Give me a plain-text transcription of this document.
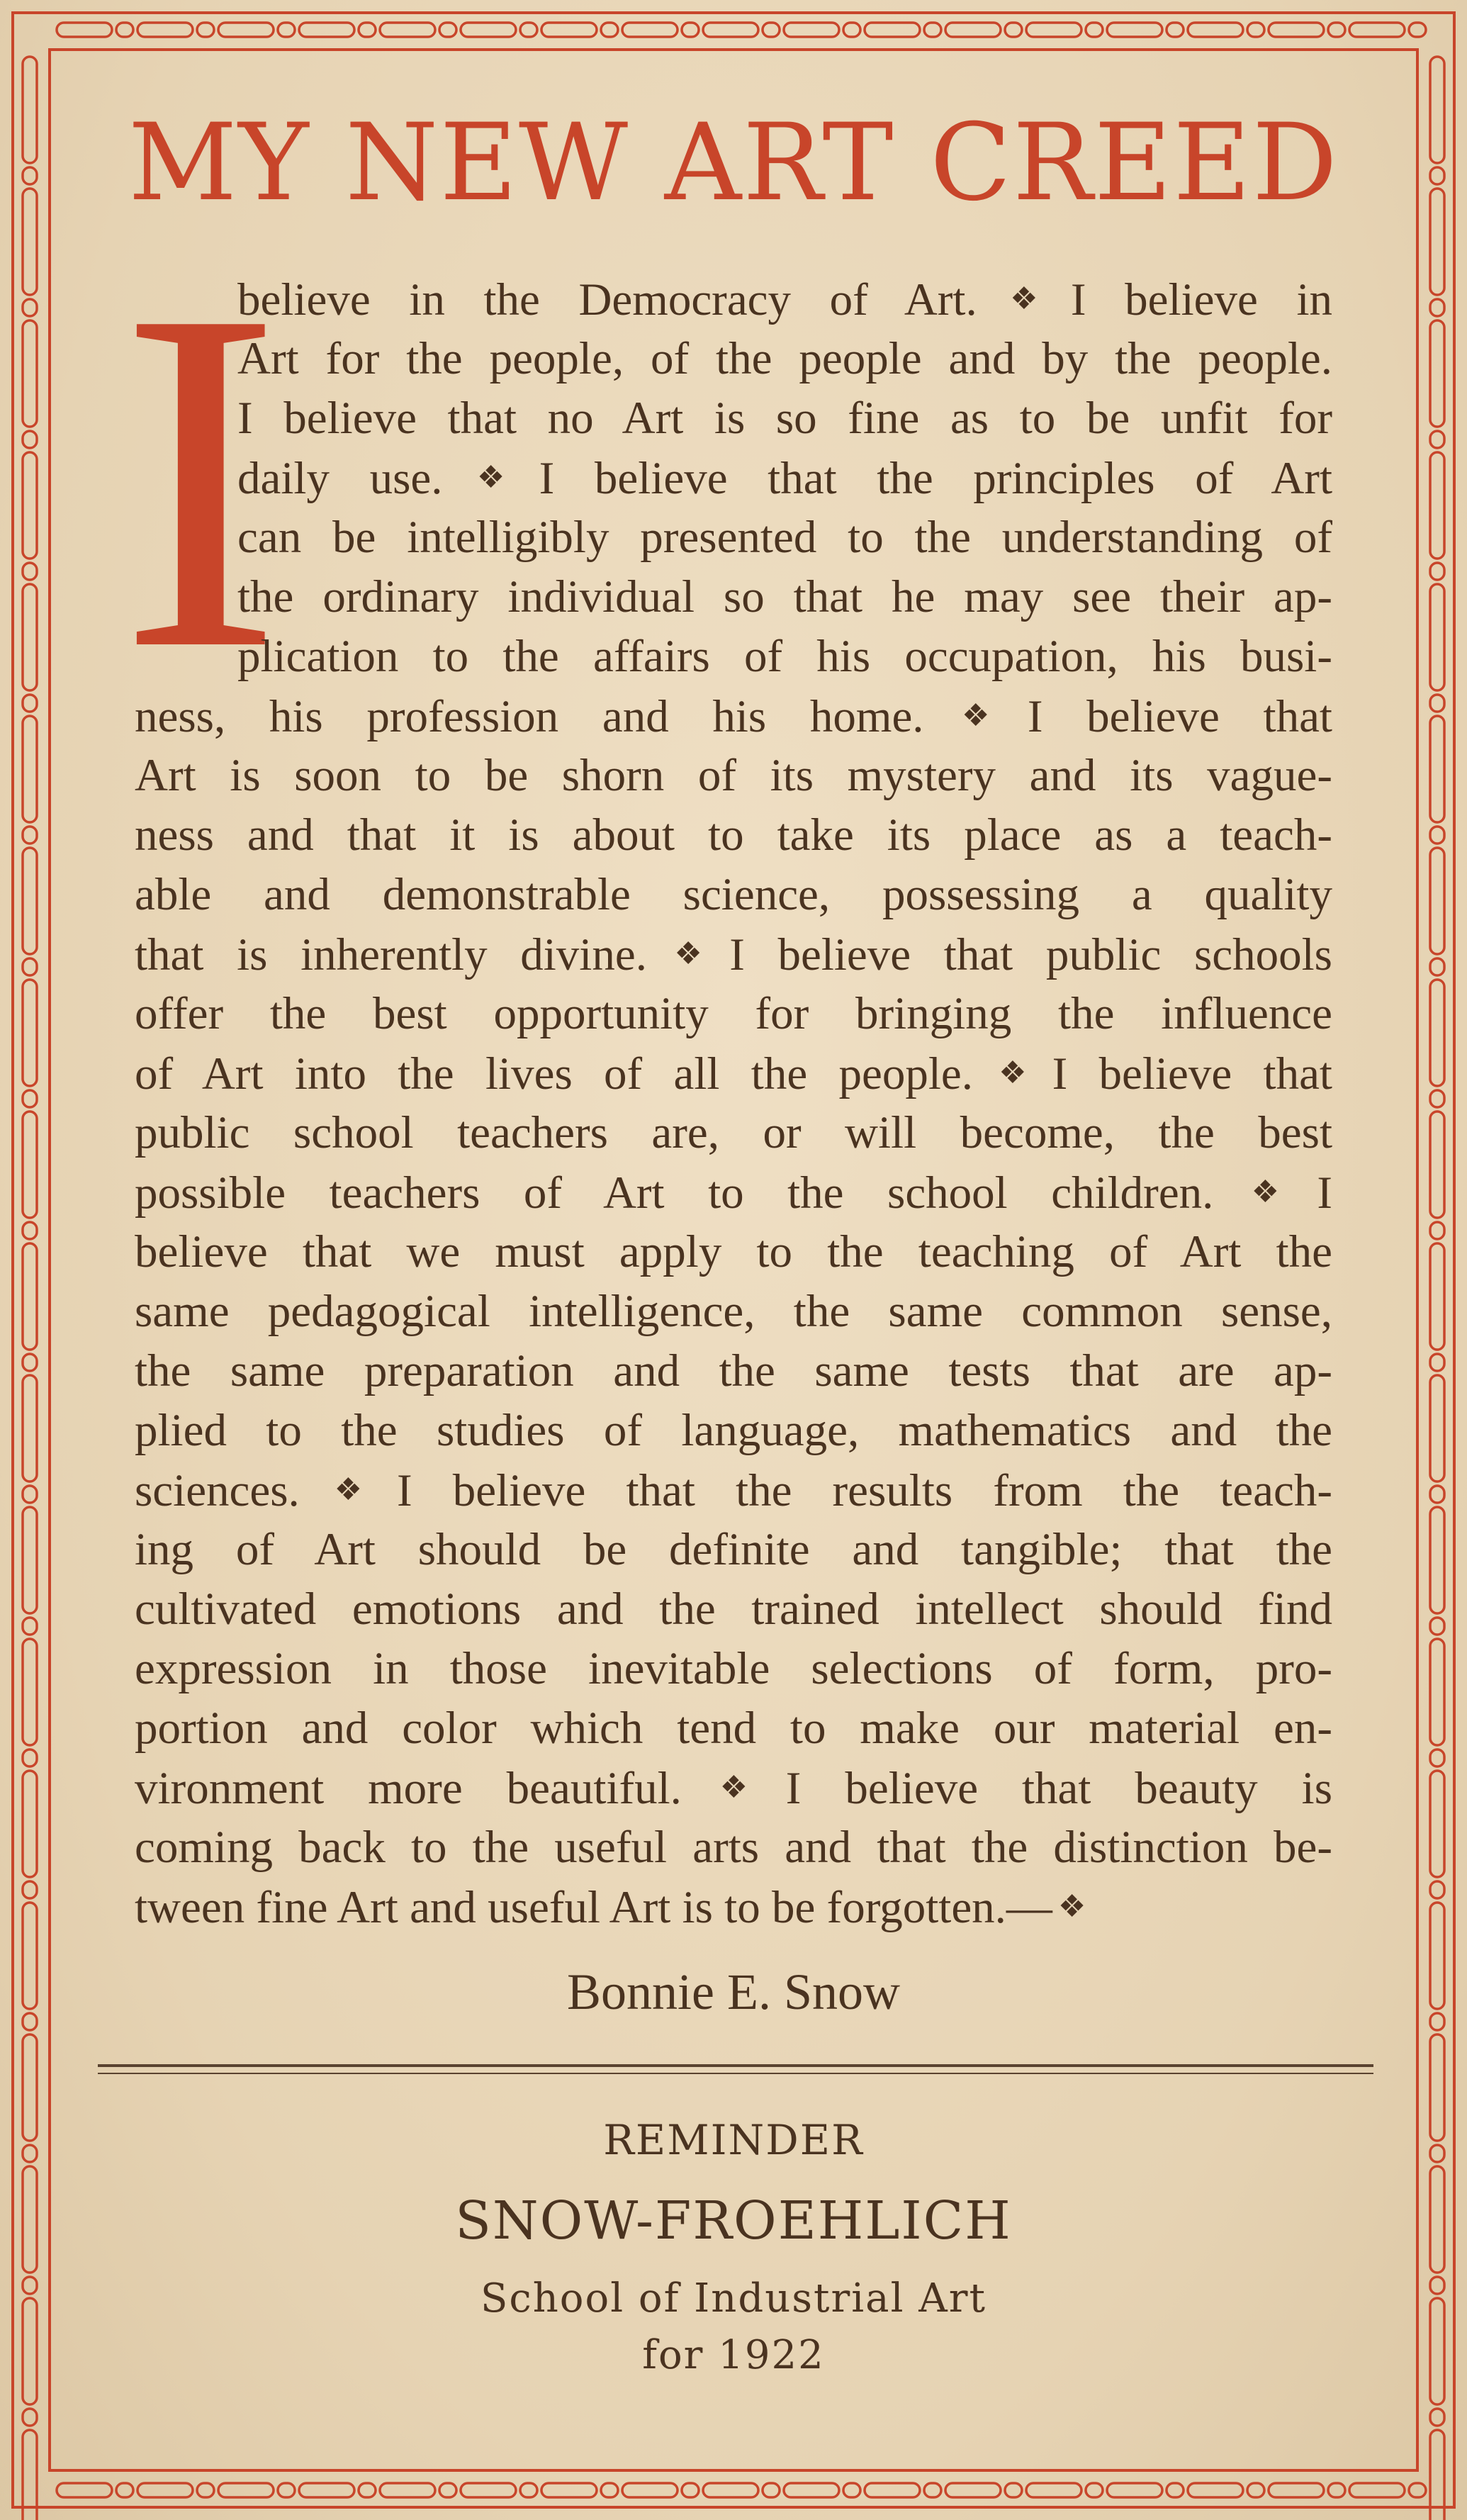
MY NEW ART CREED
I
believe in the Democracy of Art. ❖ I believe in
Art for the people, of the people and by the people.
I believe that no Art is so fine as to be unfit for
daily use. ❖ I believe that the principles of Art
can be intelligibly presented to the understanding of
the ordinary individual so that he may see their ap-
plication to the affairs of his occupation, his busi-
ness, his profession and his home. ❖ I believe that
Art is soon to be shorn of its mystery and its vague-
ness and that it is about to take its place as a teach-
able and demonstrable science, possessing a quality
that is inherently divine. ❖ I believe that public schools
offer the best opportunity for bringing the influence
of Art into the lives of all the people. ❖ I believe that
public school teachers are, or will become, the best
possible teachers of Art to the school children. ❖ I
believe that we must apply to the teaching of Art the
same pedagogical intelligence, the same common sense,
the same preparation and the same tests that are ap-
plied to the studies of language, mathematics and the
sciences. ❖ I believe that the results from the teach-
ing of Art should be definite and tangible; that the
cultivated emotions and the trained intellect should find
expression in those inevitable selections of form, pro-
portion and color which tend to make our material en-
vironment more beautiful. ❖ I believe that beauty is
coming back to the useful arts and that the distinction be-
tween fine Art and useful Art is to be forgotten.— ❖
Bonnie E. Snow
REMINDER
SNOW-FROEHLICH
School of Industrial Art
for 1922
